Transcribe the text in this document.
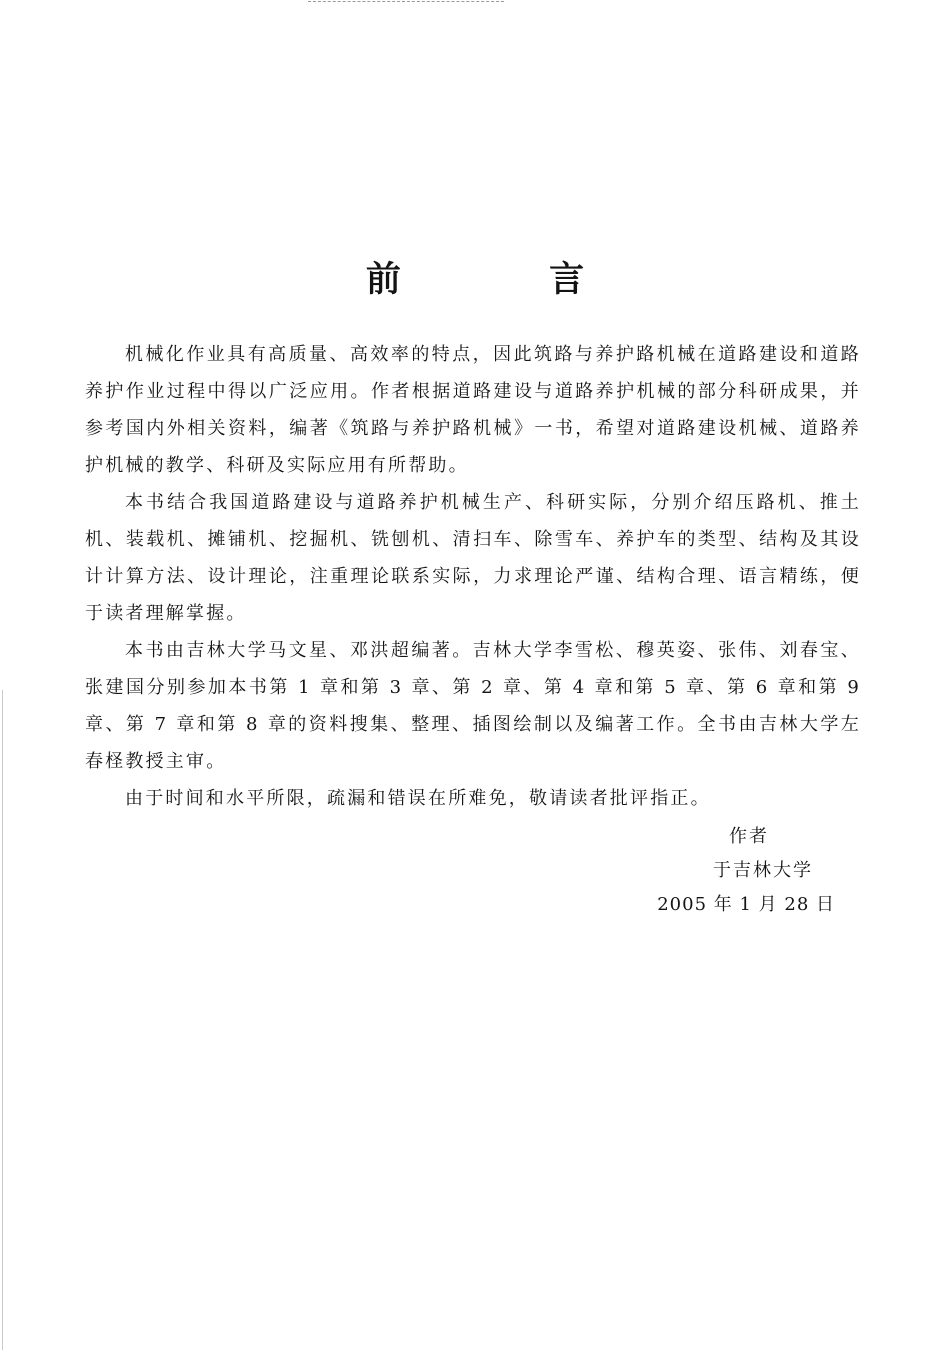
前 言

机械化作业具有高质量、高效率的特点，因此筑路与养护路机械在道路建设和道路养护作业过程中得以广泛应用。作者根据道路建设与道路养护机械的部分科研成果，并参考国内外相关资料，编著《筑路与养护路机械》一书，希望对道路建设机械、道路养护机械的教学、科研及实际应用有所帮助。

本书结合我国道路建设与道路养护机械生产、科研实际，分别介绍压路机、推土机、装载机、摊铺机、挖掘机、铣刨机、清扫车、除雪车、养护车的类型、结构及其设计计算方法、设计理论，注重理论联系实际，力求理论严谨、结构合理、语言精练，便于读者理解掌握。

本书由吉林大学马文星、邓洪超编著。吉林大学李雪松、穆英姿、张伟、刘春宝、张建国分别参加本书第 1 章和第 3 章、第 2 章、第 4 章和第 5 章、第 6 章和第 9 章、第 7 章和第 8 章的资料搜集、整理、插图绘制以及编著工作。全书由吉林大学左春柽教授主审。

由于时间和水平所限，疏漏和错误在所难免，敬请读者批评指正。

作者
于吉林大学
2005 年 1 月 28 日
